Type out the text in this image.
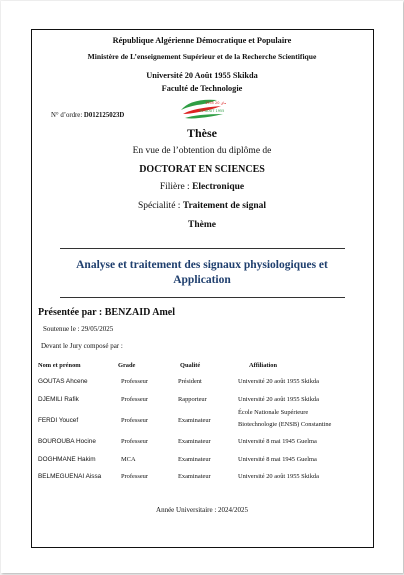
République Algérienne Démocratique et Populaire
Ministère de L’enseignement Supérieur et de la Recherche Scientifique
Université 20 Août 1955 Skikda
Faculté de Technologie
1955 ماي 20
20 AOÛT 1955
N° d’ordre: D012125023D
Thèse
En vue de l’obtention du diplôme de
DOCTORAT EN SCIENCES
Filière : Electronique
Spécialité : Traitement de signal
Thème
Analyse et traitement des signaux physiologiques et
Application
Présentée par : BENZAID Amel
Soutenue le : 29/05/2025
Devant le Jury composé par :
Nom et prénom	Grade	Qualité	Affiliation
GOUTAS Ahcene	Professeur	Président	Université 20 août 1955 Skikda
DJEMILI Rafik	Professeur	Rapporteur	Université 20 août 1955 Skikda
FERDI Youcef	Professeur	Examinateur
École Nationale Supérieure
Biotechnologie (ENSB) Constantine
BOUROUBA Hocine	Professeur	Examinateur	Université 8 mai 1945 Guelma
DOGHMANE Hakim	MCA	Examinateur	Université 8 mai 1945 Guelma
BELMEGUENAI Aissa	Professeur	Examinateur	Université 20 août 1955 Skikda
Année Universitaire : 2024/2025
